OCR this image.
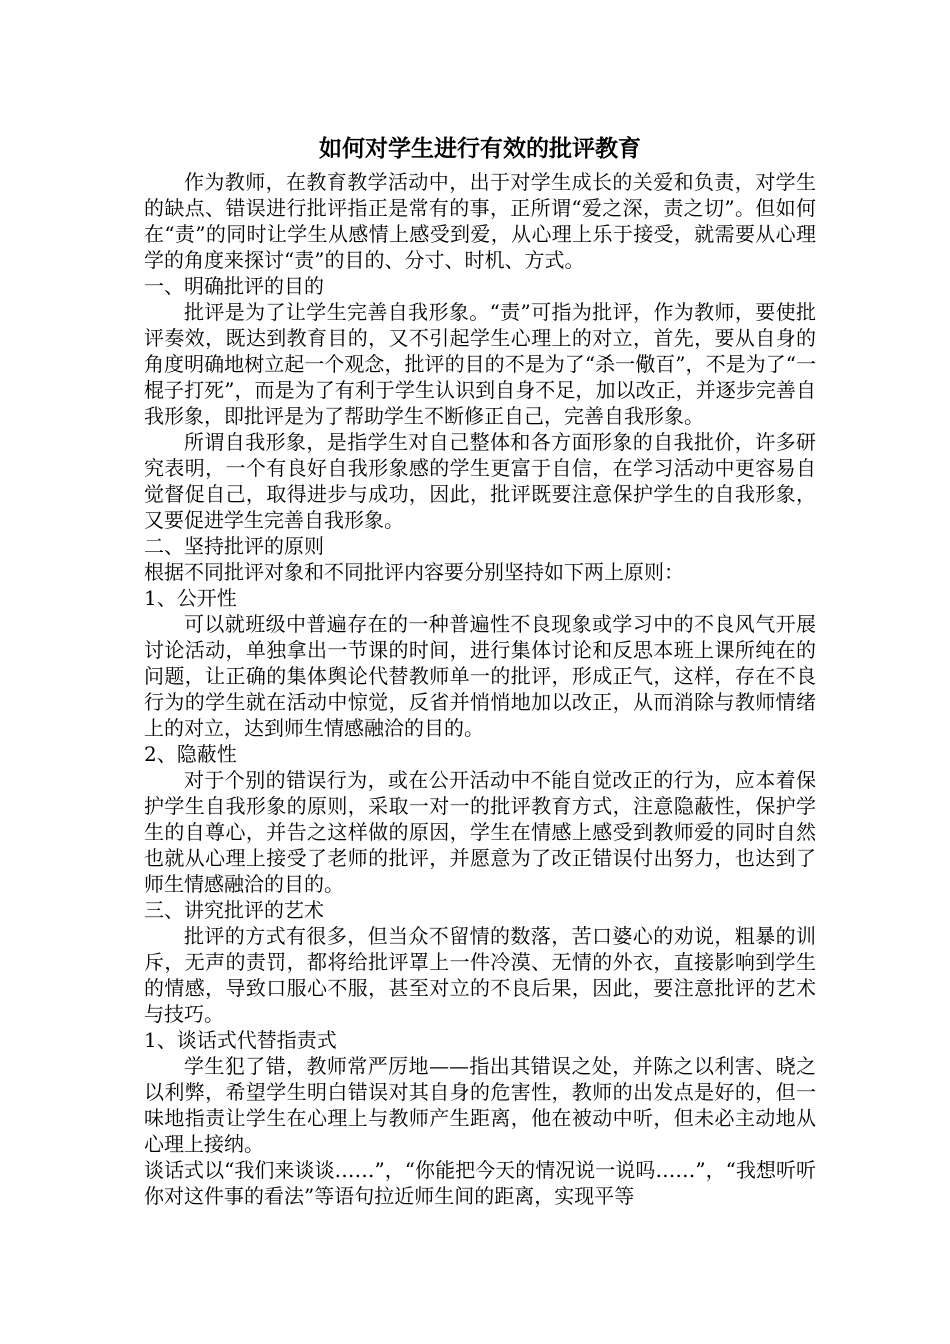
如何对学生进行有效的批评教育

作为教师，在教育教学活动中，出于对学生成长的关爱和负责，对学生的缺点、错误进行批评指正是常有的事，正所谓“爱之深，责之切”。但如何在“责”的同时让学生从感情上感受到爱，从心理上乐于接受，就需要从心理学的角度来探讨“责”的目的、分寸、时机、方式。

一、明确批评的目的

批评是为了让学生完善自我形象。“责”可指为批评，作为教师，要使批评奏效，既达到教育目的，又不引起学生心理上的对立，首先，要从自身的角度明确地树立起一个观念，批评的目的不是为了“杀一儆百”，不是为了“一棍子打死”，而是为了有利于学生认识到自身不足，加以改正，并逐步完善自我形象，即批评是为了帮助学生不断修正自己，完善自我形象。

所谓自我形象，是指学生对自己整体和各方面形象的自我批价，许多研究表明，一个有良好自我形象感的学生更富于自信，在学习活动中更容易自觉督促自己，取得进步与成功，因此，批评既要注意保护学生的自我形象，又要促进学生完善自我形象。

二、坚持批评的原则

根据不同批评对象和不同批评内容要分别坚持如下两上原则：

1、公开性

可以就班级中普遍存在的一种普遍性不良现象或学习中的不良风气开展讨论活动，单独拿出一节课的时间，进行集体讨论和反思本班上课所纯在的问题，让正确的集体舆论代替教师单一的批评，形成正气，这样，存在不良行为的学生就在活动中惊觉，反省并悄悄地加以改正，从而消除与教师情绪上的对立，达到师生情感融洽的目的。

2、隐蔽性

对于个别的错误行为，或在公开活动中不能自觉改正的行为，应本着保护学生自我形象的原则，采取一对一的批评教育方式，注意隐蔽性，保护学生的自尊心，并告之这样做的原因，学生在情感上感受到教师爱的同时自然也就从心理上接受了老师的批评，并愿意为了改正错误付出努力，也达到了师生情感融洽的目的。

三、讲究批评的艺术

批评的方式有很多，但当众不留情的数落，苦口婆心的劝说，粗暴的训斥，无声的责罚，都将给批评罩上一件冷漠、无情的外衣，直接影响到学生的情感，导致口服心不服，甚至对立的不良后果，因此，要注意批评的艺术与技巧。

1、谈话式代替指责式

学生犯了错，教师常严厉地——指出其错误之处，并陈之以利害、晓之以利弊，希望学生明白错误对其自身的危害性，教师的出发点是好的，但一味地指责让学生在心理上与教师产生距离，他在被动中听，但未必主动地从心理上接纳。

谈话式以“我们来谈谈……”，“你能把今天的情况说一说吗……”，“我想听听你对这件事的看法”等语句拉近师生间的距离，实现平等
